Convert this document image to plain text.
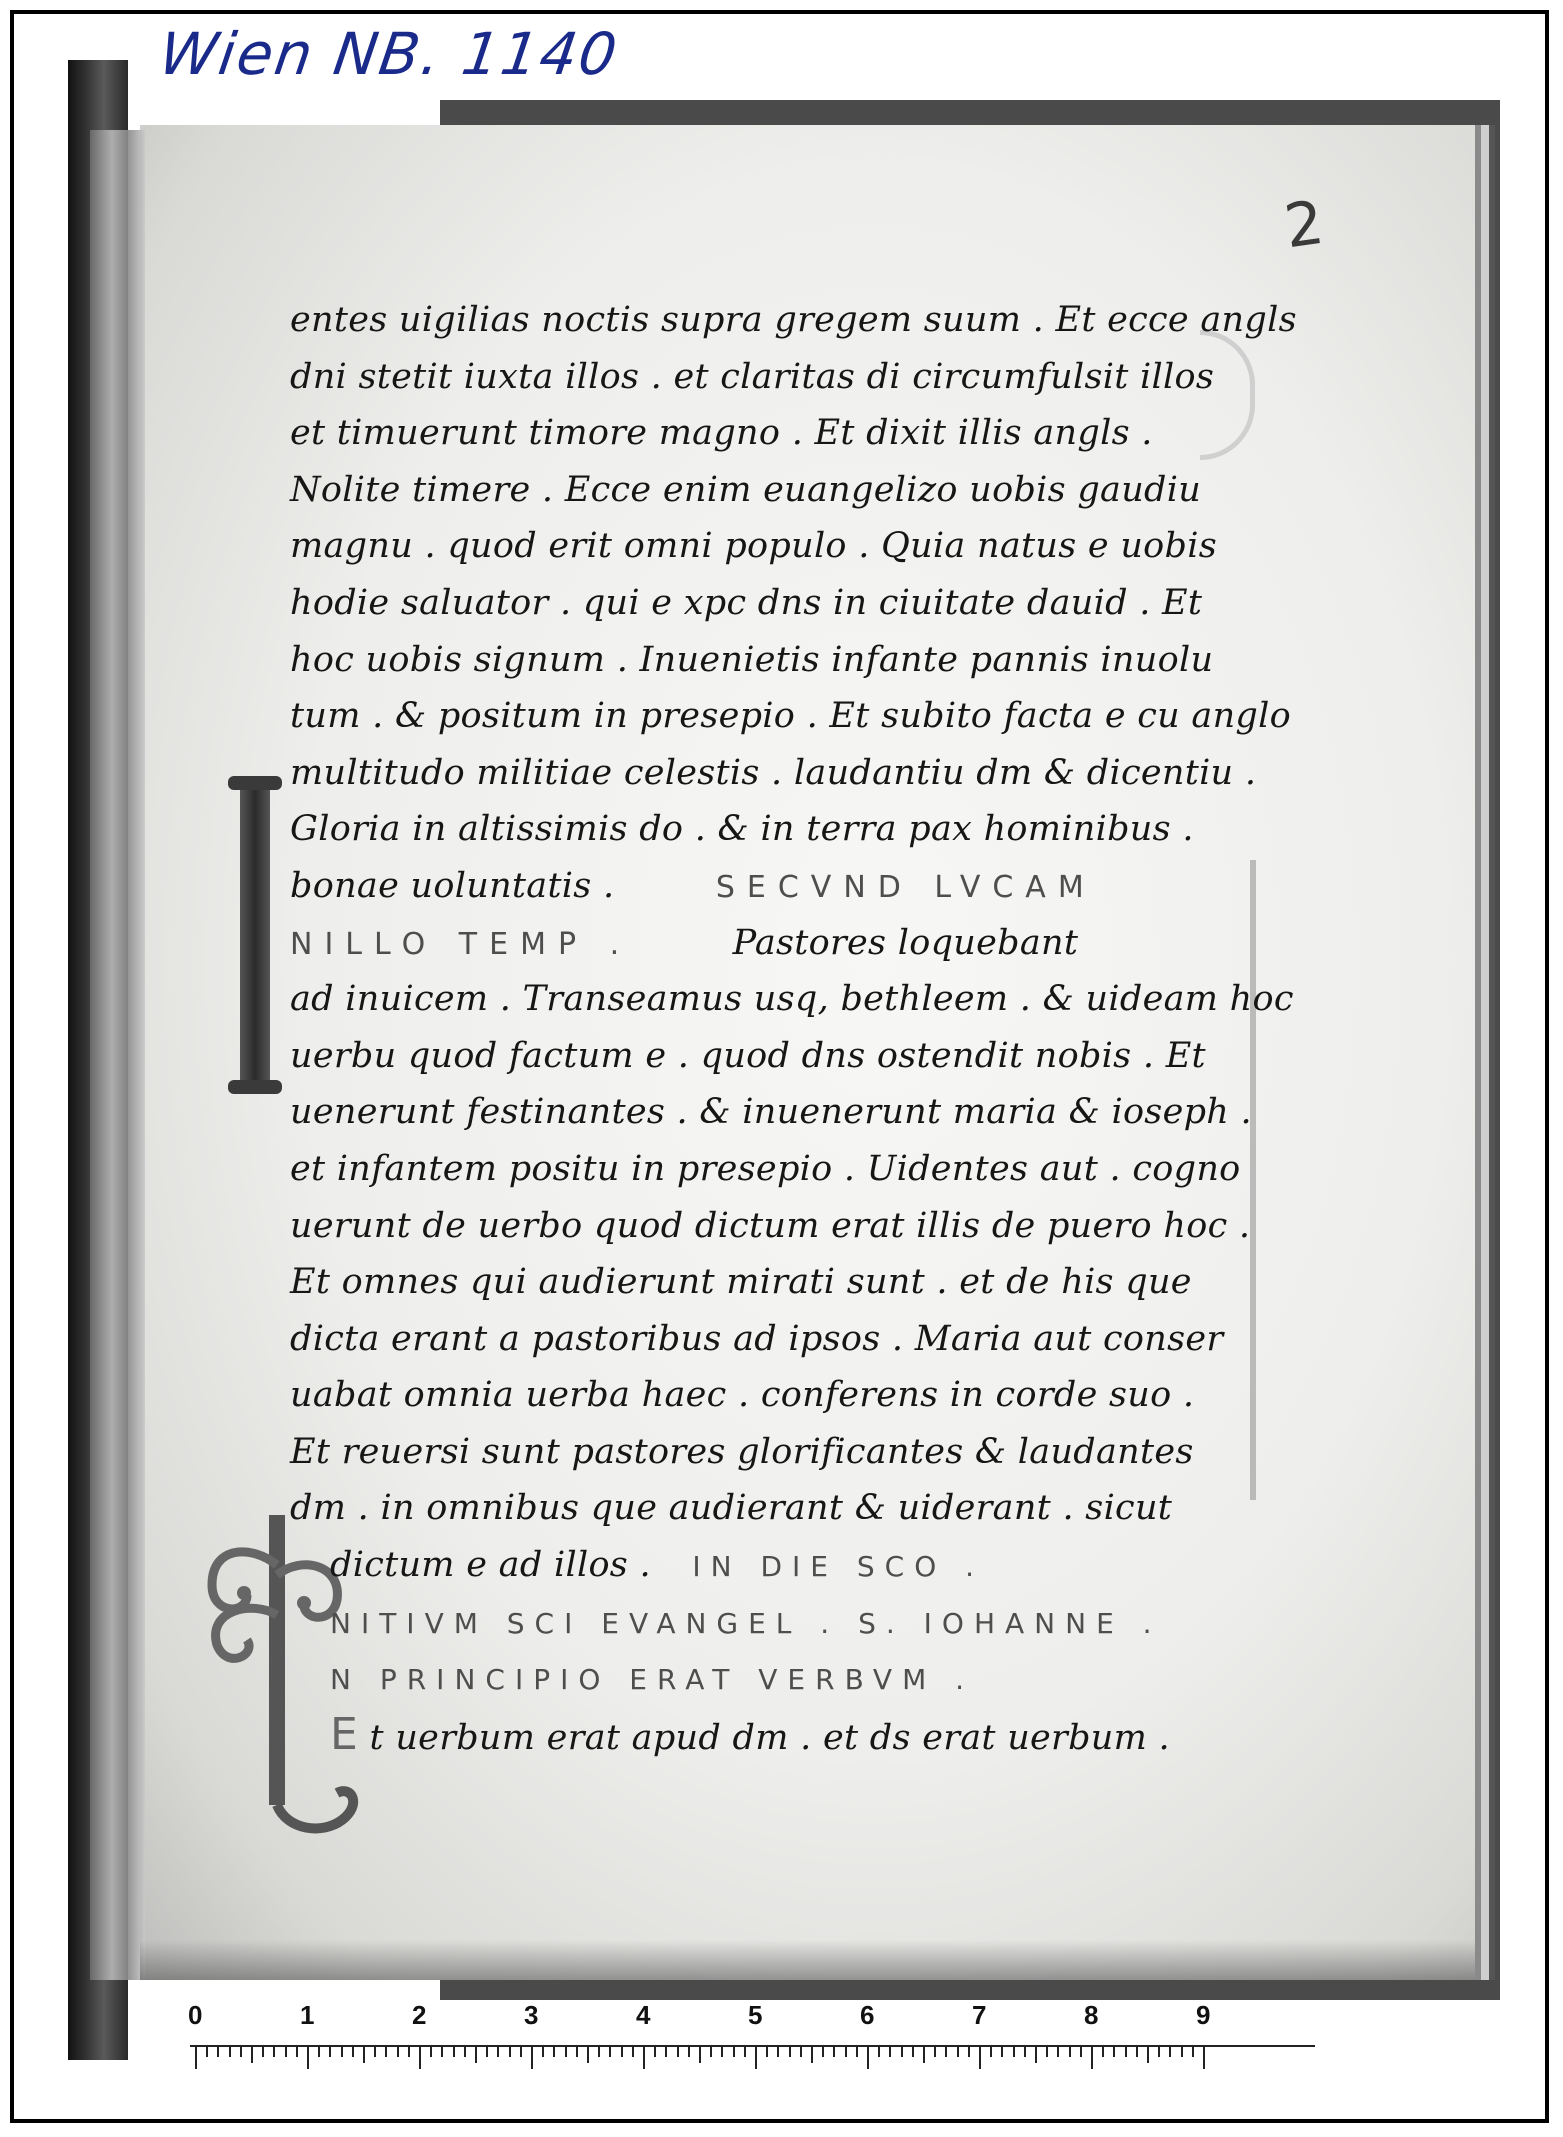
Wien NB. 1140
2
entes uigilias noctis supra gregem suum . Et ecce angls
dni stetit iuxta illos . et claritas di circumfulsit illos
et timuerunt timore magno . Et dixit illis angls .
Nolite timere . Ecce enim euangelizo uobis gaudiu
magnu . quod erit omni populo . Quia natus e uobis
hodie saluator . qui e xpc dns in ciuitate dauid . Et
hoc uobis signum . Inuenietis infante pannis inuolu
tum . & positum in presepio . Et subito facta e cu anglo
multitudo militiae celestis . laudantiu dm & dicentiu .
Gloria in altissimis do . & in terra pax hominibus .
bonae uoluntatis .	SECVND LVCAM
NILLO TEMP .	Pastores loquebant
ad inuicem . Transeamus usq, bethleem . & uideam hoc
uerbu quod factum e . quod dns ostendit nobis . Et
uenerunt festinantes . & inuenerunt maria & ioseph .
et infantem positu in presepio . Uidentes aut . cogno
uerunt de uerbo quod dictum erat illis de puero hoc .
Et omnes qui audierunt mirati sunt . et de his que
dicta erant a pastoribus ad ipsos . Maria aut conser
uabat omnia uerba haec . conferens in corde suo .
Et reuersi sunt pastores glorificantes & laudantes
dm . in omnibus que audierant & uiderant . sicut
dictum e ad illos . IN DIE SCO .
NITIVM SCI EVANGEL . S. IOHANNE .
N PRINCIPIO ERAT VERBVM .
E t uerbum erat apud dm . et ds erat uerbum .
0	1	2	3	4	5	6	7	8	9
